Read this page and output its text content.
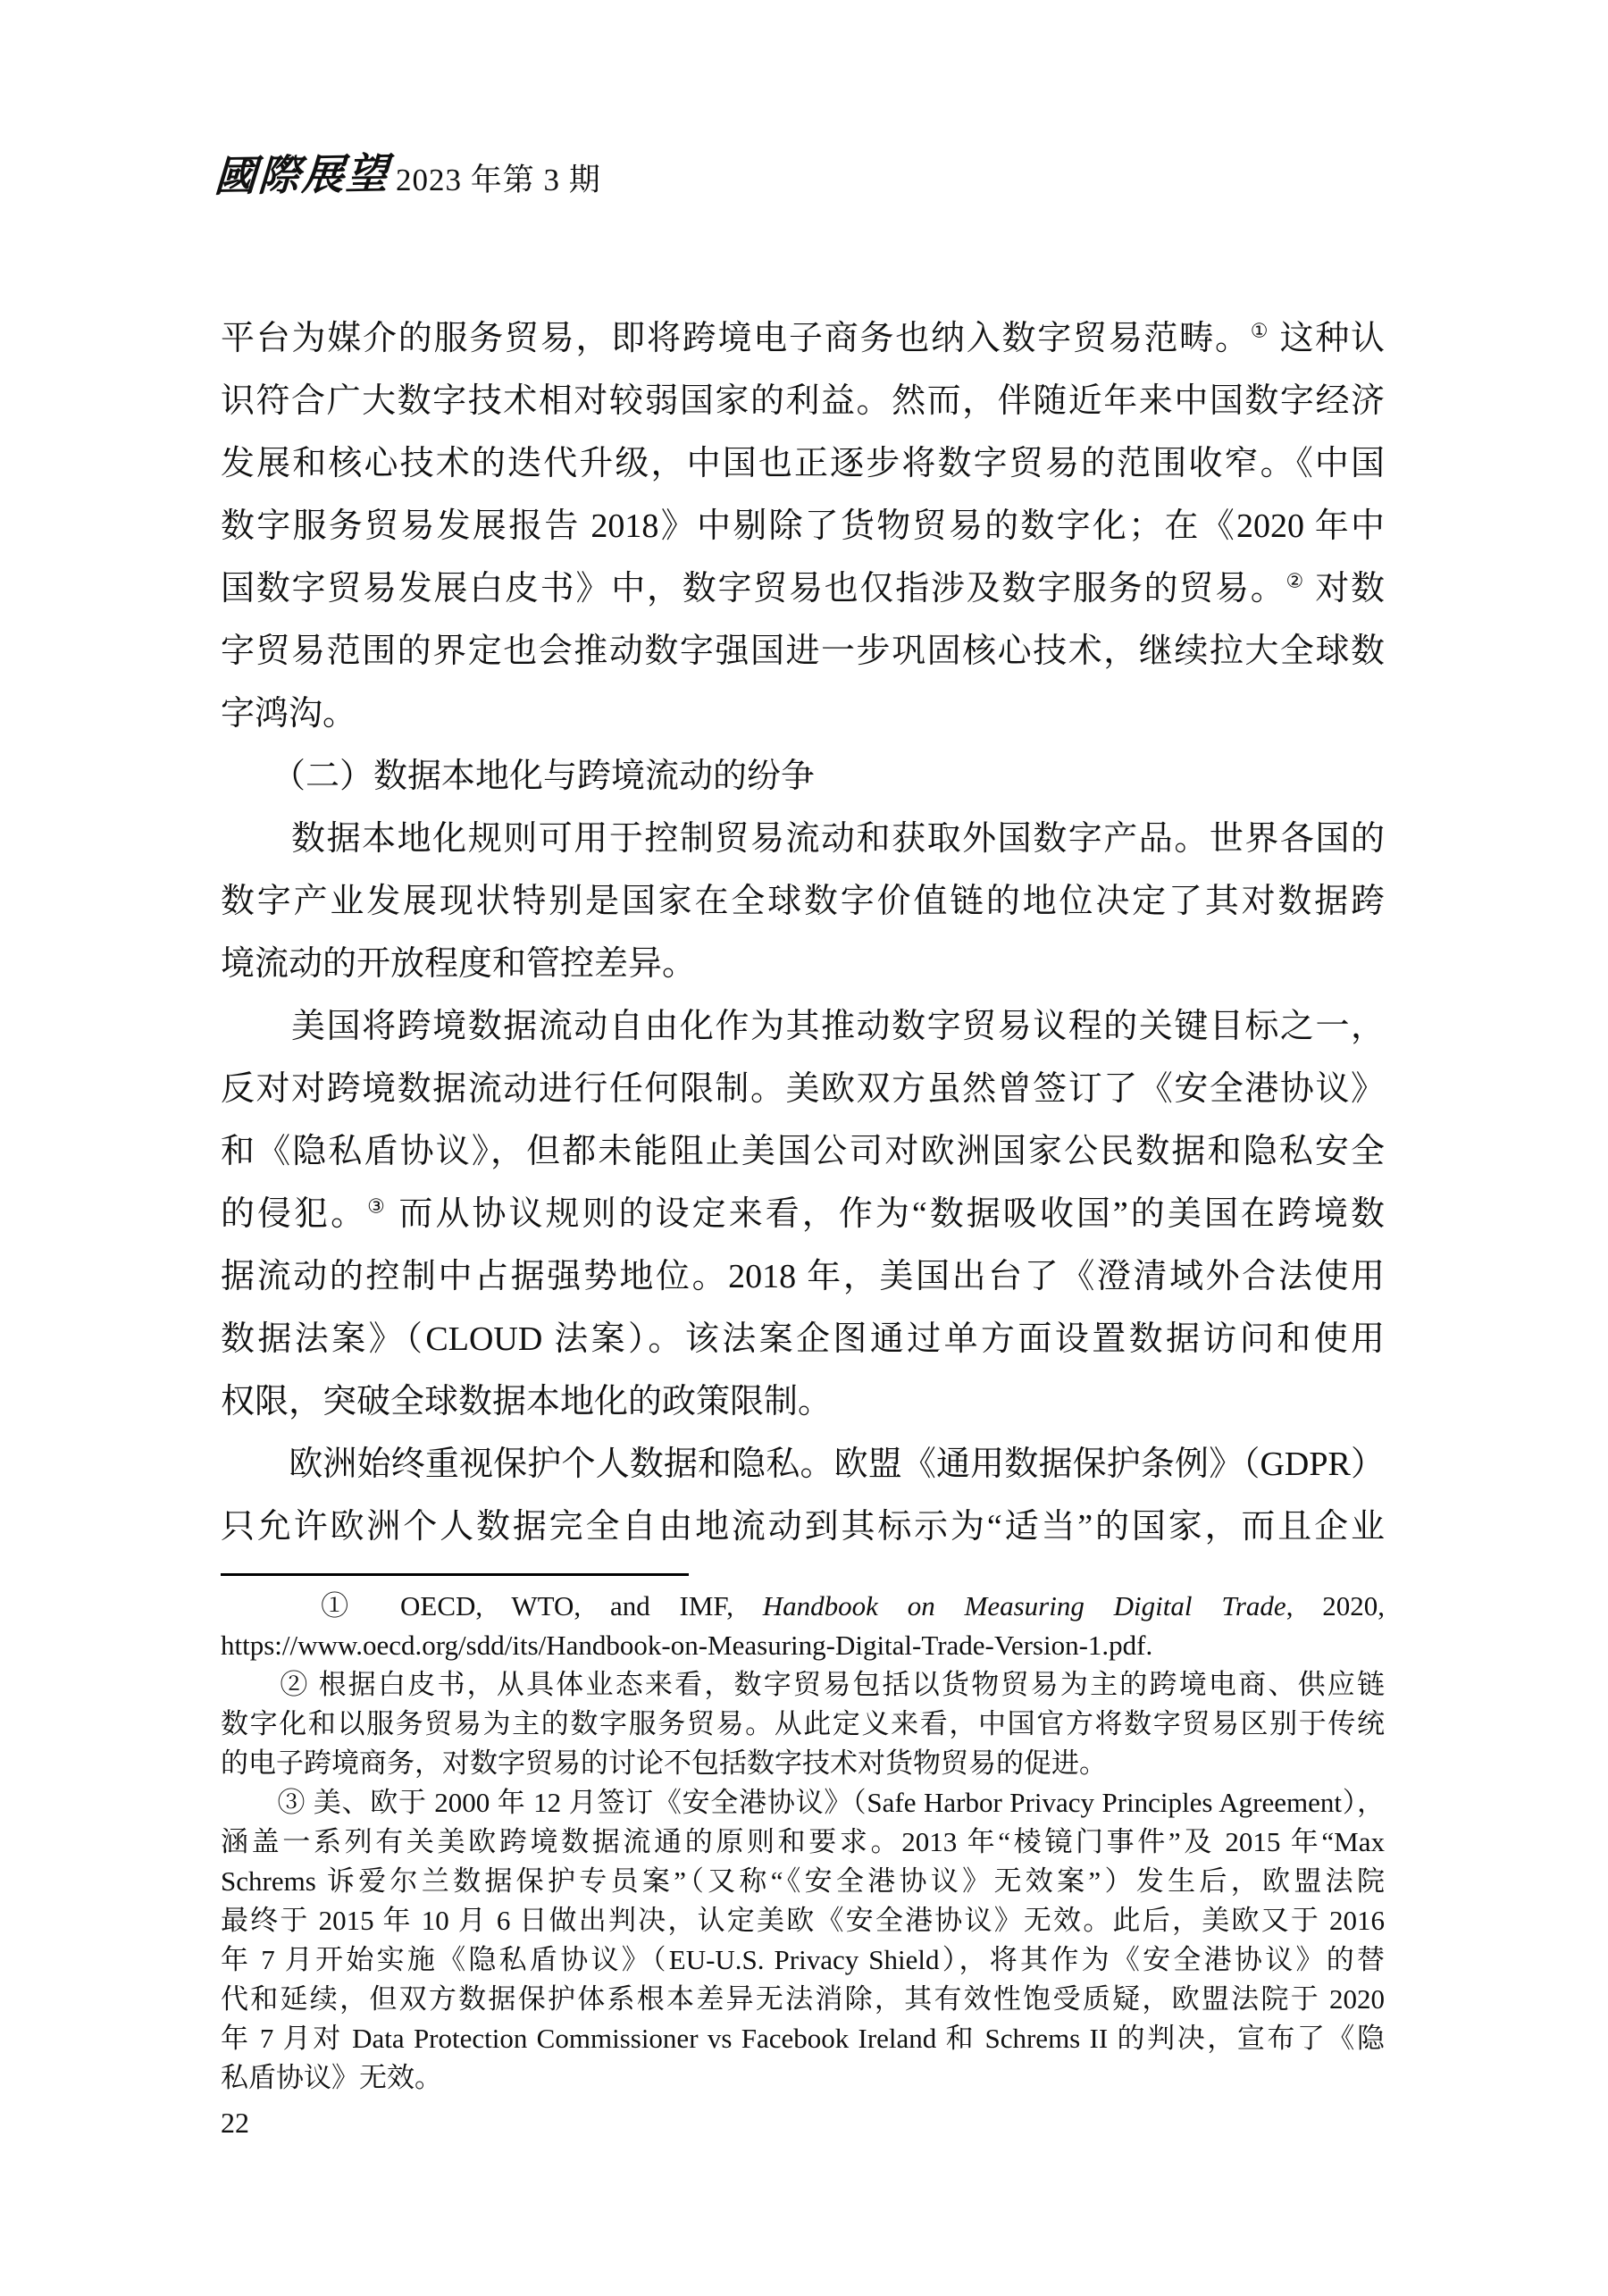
國際展望 2023 年第 3 期
平台为媒介的服务贸易，即将跨境电子商务也纳入数字贸易范畴。① 这种认
识符合广大数字技术相对较弱国家的利益。然而，伴随近年来中国数字经济
发展和核心技术的迭代升级，中国也正逐步将数字贸易的范围收窄。《中国
数字服务贸易发展报告 2018》中剔除了货物贸易的数字化；在《2020 年中
国数字贸易发展白皮书》中，数字贸易也仅指涉及数字服务的贸易。② 对数
字贸易范围的界定也会推动数字强国进一步巩固核心技术，继续拉大全球数
字鸿沟。
　　（二）数据本地化与跨境流动的纷争
　　数据本地化规则可用于控制贸易流动和获取外国数字产品。世界各国的
数字产业发展现状特别是国家在全球数字价值链的地位决定了其对数据跨
境流动的开放程度和管控差异。
　　美国将跨境数据流动自由化作为其推动数字贸易议程的关键目标之一，
反对对跨境数据流动进行任何限制。美欧双方虽然曾签订了《安全港协议》
和《隐私盾协议》，但都未能阻止美国公司对欧洲国家公民数据和隐私安全
的侵犯。③ 而从协议规则的设定来看，作为“数据吸收国”的美国在跨境数
据流动的控制中占据强势地位。2018 年，美国出台了《澄清域外合法使用
数据法案》（CLOUD 法案）。该法案企图通过单方面设置数据访问和使用
权限，突破全球数据本地化的政策限制。
　　欧洲始终重视保护个人数据和隐私。欧盟《通用数据保护条例》（GDPR）
只允许欧洲个人数据完全自由地流动到其标示为“适当”的国家，而且企业
　　① OECD, WTO, and IMF, Handbook on Measuring Digital Trade, 2020,
https://www.oecd.org/sdd/its/Handbook-on-Measuring-Digital-Trade-Version-1.pdf.
　　② 根据白皮书，从具体业态来看，数字贸易包括以货物贸易为主的跨境电商、供应链
数字化和以服务贸易为主的数字服务贸易。从此定义来看，中国官方将数字贸易区别于传统
的电子跨境商务，对数字贸易的讨论不包括数字技术对货物贸易的促进。
　　③ 美、欧于 2000 年 12 月签订《安全港协议》（Safe Harbor Privacy Principles Agreement），
涵盖一系列有关美欧跨境数据流通的原则和要求。2013 年“棱镜门事件”及 2015 年“Max
Schrems 诉爱尔兰数据保护专员案”（又称“《安全港协议》无效案”）发生后，欧盟法院
最终于 2015 年 10 月 6 日做出判决，认定美欧《安全港协议》无效。此后，美欧又于 2016
年 7 月开始实施《隐私盾协议》（EU-U.S. Privacy Shield），将其作为《安全港协议》的替
代和延续，但双方数据保护体系根本差异无法消除，其有效性饱受质疑，欧盟法院于 2020
年 7 月对 Data Protection Commissioner vs Facebook Ireland 和 Schrems II 的判决，宣布了《隐
私盾协议》无效。
22
